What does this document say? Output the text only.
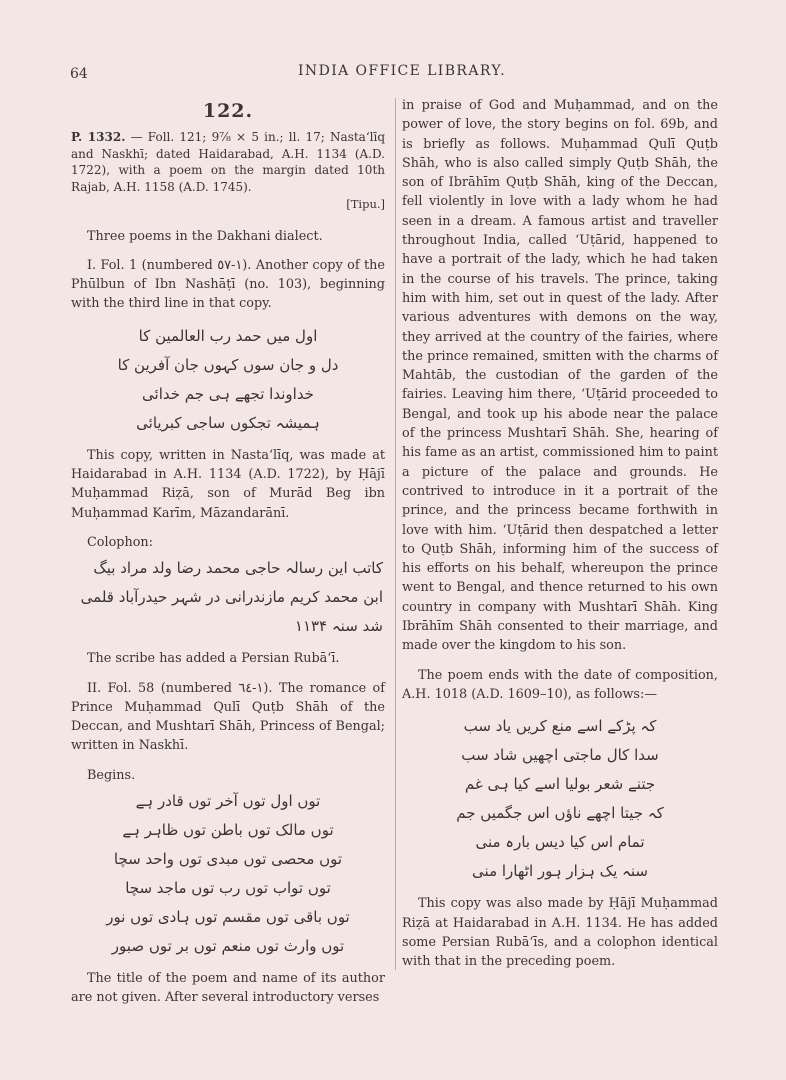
64	INDIA OFFICE LIBRARY.
122.

P. 1332. — Foll. 121; 9⅞ × 5 in.; ll. 17; Nasta‘līq and Naskhī; dated Haidarabad, A.H. 1134 (A.D. 1722), with a poem on the margin dated 10th Rajab, A.H. 1158 (A.D. 1745).

[Tipu.]

Three poems in the Dakhani dialect.

I. Fol. 1 (numbered ١-٥٧). Another copy of the Phūlbun of Ibn Nashāṭī (no. 103), beginning with the third line in that copy.

اول میں حمد رب العالمین کا
دل و جان سوں کہوں جان آفرین کا
خداوندا تجھے ہی جم خدائی
ہمیشہ تجکوں ساجی کبریائی

This copy, written in Nasta‘līq, was made at Haidarabad in A.H. 1134 (A.D. 1722), by Ḥājī Muḥammad Riẓā, son of Murād Beg ibn Muḥammad Karīm, Māzandarānī.

Colophon:
کاتب این رسالہ حاجی محمد رضا ولد مراد بیگ
ابن محمد کریم مازندرانی در شہر حیدرآباد قلمی
شد سنہ ۱۱۳۴

The scribe has added a Persian Rubā‘ī.

II. Fol. 58 (numbered ١-٦٤). The romance of Prince Muḥammad Qulī Quṭb Shāh of the Deccan, and Mushtarī Shāh, Princess of Bengal; written in Naskhī.

Begins.
توں اول توں آخر توں قادر ہے
توں مالک توں باطن توں ظاہر ہے
توں محصی توں مبدی توں واحد سچا
توں تواب توں رب توں ماجد سچا
توں باقی توں مقسم توں ہادی توں نور
توں وارث توں منعم توں بر توں صبور

The title of the poem and name of its author are not given. After several introductory verses

in praise of God and Muḥammad, and on the power of love, the story begins on fol. 69b, and is briefly as follows. Muḥammad Qulī Quṭb Shāh, who is also called simply Quṭb Shāh, the son of Ibrāhīm Quṭb Shāh, king of the Deccan, fell violently in love with a lady whom he had seen in a dream. A famous artist and traveller throughout India, called ‘Uṭārid, happened to have a portrait of the lady, which he had taken in the course of his travels. The prince, taking him with him, set out in quest of the lady. After various adventures with demons on the way, they arrived at the country of the fairies, where the prince remained, smitten with the charms of Mahtāb, the custodian of the garden of the fairies. Leaving him there, ‘Uṭārid proceeded to Bengal, and took up his abode near the palace of the princess Mushtarī Shāh. She, hearing of his fame as an artist, commissioned him to paint a picture of the palace and grounds. He contrived to introduce in it a portrait of the prince, and the princess became forthwith in love with him. ‘Uṭārid then despatched a letter to Quṭb Shāh, informing him of the success of his efforts on his behalf, whereupon the prince went to Bengal, and thence returned to his own country in company with Mushtarī Shāh. King Ibrāhīm Shāh consented to their marriage, and made over the kingdom to his son.

The poem ends with the date of composition, A.H. 1018 (A.D. 1609–10), as follows:—

کہ پڑکے اسے منع کریں یاد سب
سدا کال ماجتی اچھیں شاد سب
جتنے شعر بولیا اسے کیا ہی غم
کہ جیتا اچھے ناؤں اس جگمیں جم
تمام اس کیا دیس بارہ منی
سنہ یک ہزار ہور اٹھارا منی

This copy was also made by Ḥājī Muḥammad Riẓā at Haidarabad in A.H. 1134. He has added some Persian Rubā‘īs, and a colophon identical with that in the preceding poem.
